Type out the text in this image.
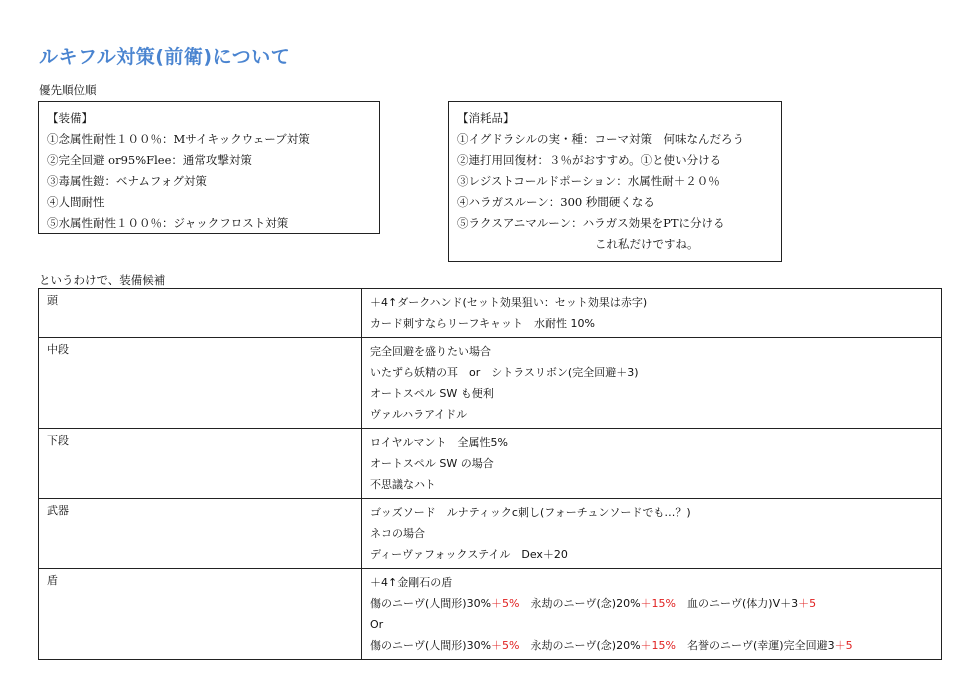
ルキフル対策(前衛)について
優先順位順
【装備】
①念属性耐性１００％：Mサイキックウェーブ対策
②完全回避 or95%Flee：通常攻撃対策
③毒属性鎧：ベナムフォグ対策
④人間耐性
⑤水属性耐性１００％：ジャックフロスト対策
【消耗品】
①イグドラシルの実・種：コーマ対策　何味なんだろう
②連打用回復材：３％がおすすめ。①と使い分ける
③レジストコールドポーション：水属性耐＋２０％
④ハラガスルーン：300 秒間硬くなる
⑤ラクスアニマルーン：ハラガス効果をPTに分ける
これ私だけですね。
というわけで、装備候補
頭	＋4↑ダークハンド(セット効果狙い：セット効果は赤字)
カード刺すならリーフキャット　水耐性 10%

中段	完全回避を盛りたい場合
いたずら妖精の耳　or　シトラスリボン(完全回避＋3)
オートスペル SW も便利
ヴァルハラアイドル

下段	ロイヤルマント　全属性5%
オートスペル SW の場合
不思議なハト

武器	ゴッズソード　ルナティックc刺し(フォーチュンソードでも…？)
ネコの場合
ディーヴァフォックステイル　Dex＋20

盾	＋4↑金剛石の盾
傷のニーヴ(人間形)30%＋5%　永劫のニーヴ(念)20%＋15%　血のニーヴ(体力)V＋3＋5
Or
傷のニーヴ(人間形)30%＋5%　永劫のニーヴ(念)20%＋15%　名誉のニーヴ(幸運)完全回避3＋5
